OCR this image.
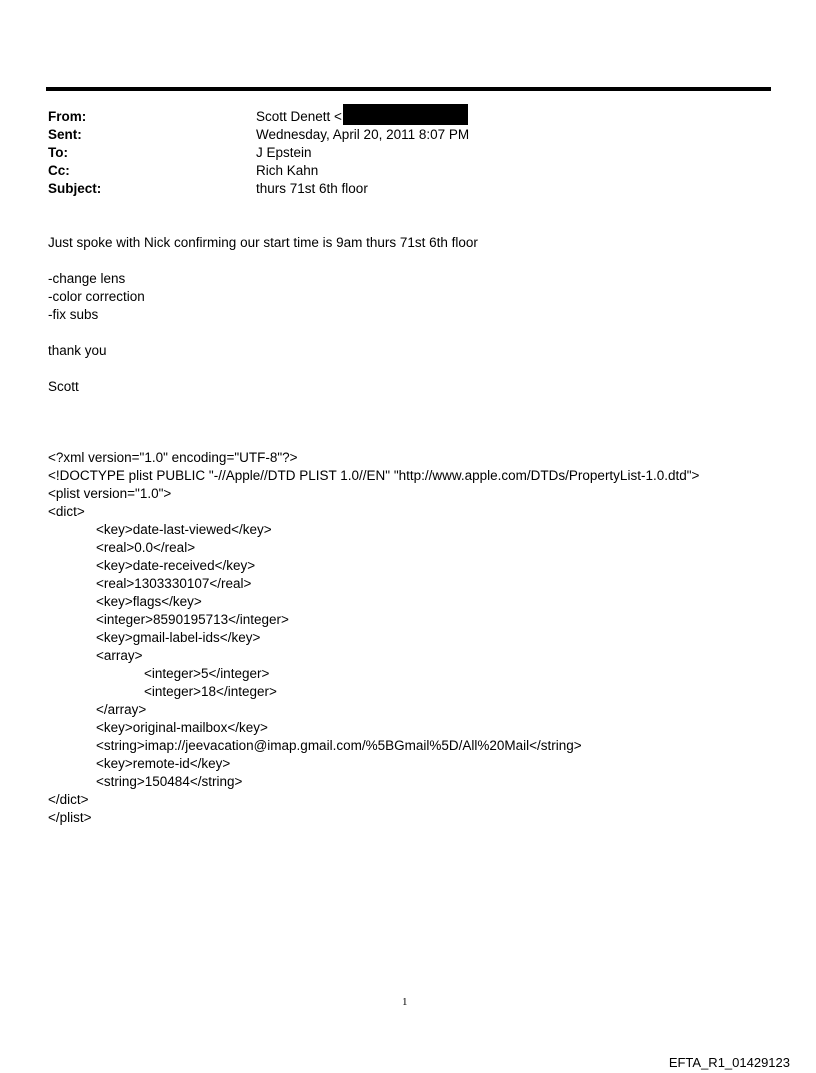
From:	Scott Denett <
Sent:	Wednesday, April 20, 2011 8:07 PM
To:	J Epstein
Cc:	Rich Kahn
Subject:	thurs 71st 6th floor
Just spoke with Nick confirming our start time is 9am thurs 71st 6th floor
-change lens
-color correction
-fix subs
thank you
Scott
<?xml version="1.0" encoding="UTF-8"?>
<!DOCTYPE plist PUBLIC "-//Apple//DTD PLIST 1.0//EN" "http://www.apple.com/DTDs/PropertyList-1.0.dtd">
<plist version="1.0">
<dict>
<key>date-last-viewed</key>
<real>0.0</real>
<key>date-received</key>
<real>1303330107</real>
<key>flags</key>
<integer>8590195713</integer>
<key>gmail-label-ids</key>
<array>
<integer>5</integer>
<integer>18</integer>
</array>
<key>original-mailbox</key>
<string>imap://jeevacation@imap.gmail.com/%5BGmail%5D/All%20Mail</string>
<key>remote-id</key>
<string>150484</string>
</dict>
</plist>
1
EFTA_R1_01429123
